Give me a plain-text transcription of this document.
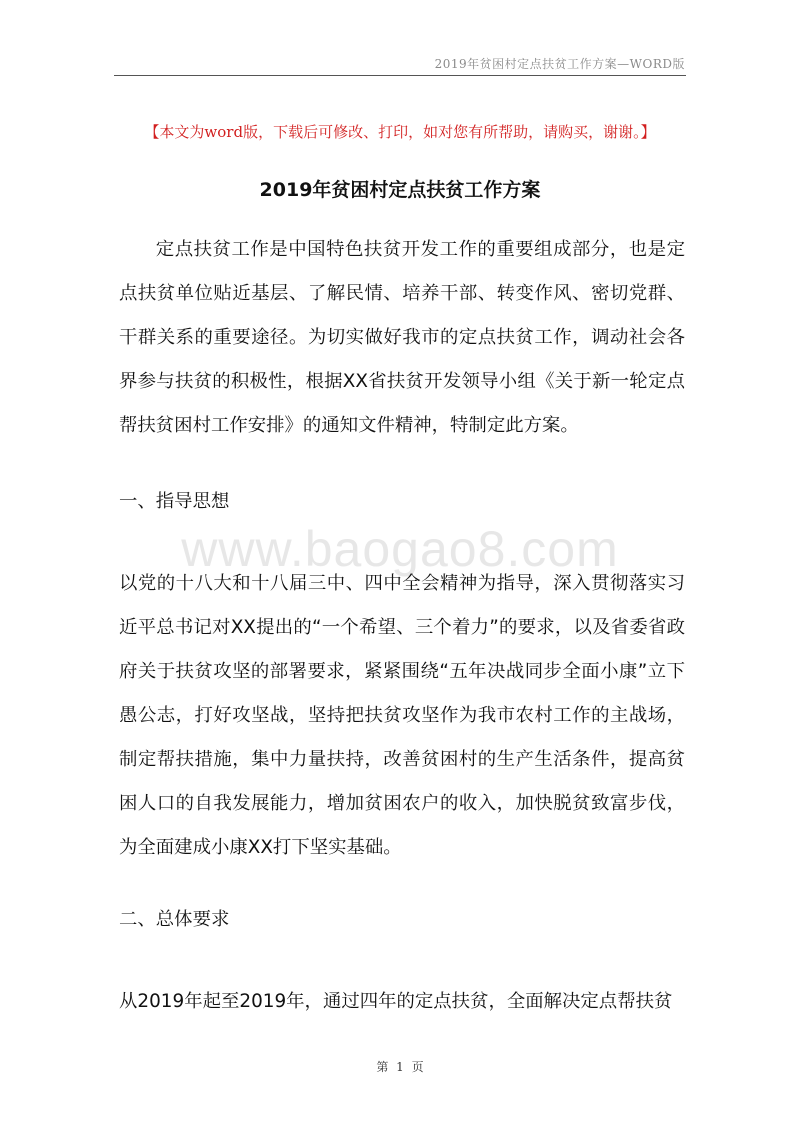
2019年贫困村定点扶贫工作方案—WORD版
【本文为word版，下载后可修改、打印，如对您有所帮助，请购买，谢谢。】
2019年贫困村定点扶贫工作方案

定点扶贫工作是中国特色扶贫开发工作的重要组成部分，也是定点扶贫单位贴近基层、了解民情、培养干部、转变作风、密切党群、干群关系的重要途径。为切实做好我市的定点扶贫工作，调动社会各界参与扶贫的积极性，根据XX省扶贫开发领导小组《关于新一轮定点帮扶贫困村工作安排》的通知文件精神，特制定此方案。

一、指导思想

www.baogao8.com

以党的十八大和十八届三中、四中全会精神为指导，深入贯彻落实习近平总书记对XX提出的“一个希望、三个着力”的要求，以及省委省政府关于扶贫攻坚的部署要求，紧紧围绕“五年决战同步全面小康”立下愚公志，打好攻坚战，坚持把扶贫攻坚作为我市农村工作的主战场，制定帮扶措施，集中力量扶持，改善贫困村的生产生活条件，提高贫困人口的自我发展能力，增加贫困农户的收入，加快脱贫致富步伐，为全面建成小康XX打下坚实基础。

二、总体要求

从2019年起至2019年，通过四年的定点扶贫，全面解决定点帮扶贫

第 1 页
